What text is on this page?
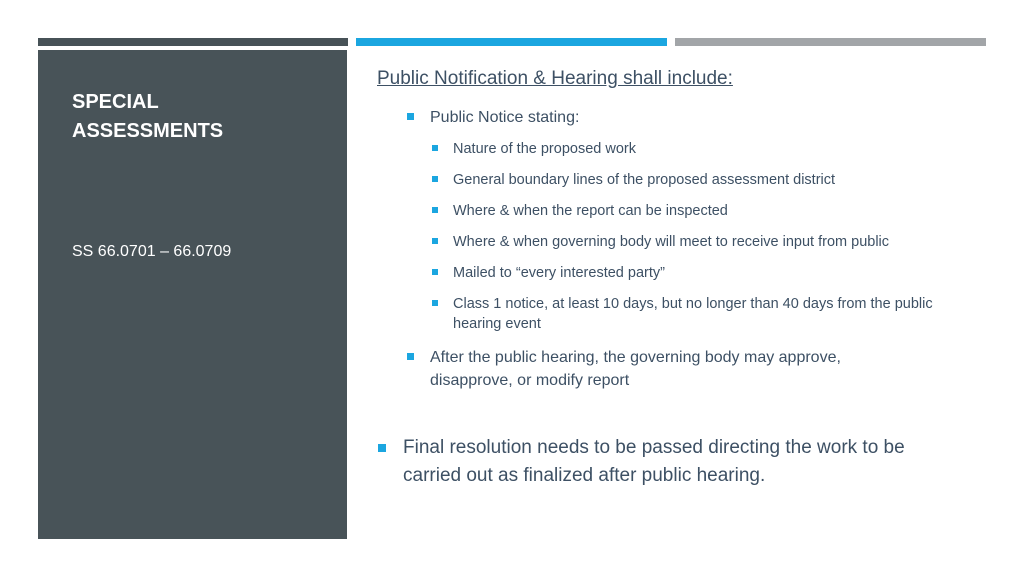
SPECIAL ASSESSMENTS
SS 66.0701 – 66.0709
Public Notification & Hearing shall include:
Public Notice stating:
Nature of the proposed work
General boundary lines of the proposed assessment district
Where & when the report can be inspected
Where & when governing body will meet to receive input from public
Mailed to “every interested party”
Class 1 notice, at least 10 days, but no longer than 40 days from the public hearing event
After the public hearing, the governing body may approve, disapprove, or modify report
Final resolution needs to be passed directing the work to be carried out as finalized after public hearing.
